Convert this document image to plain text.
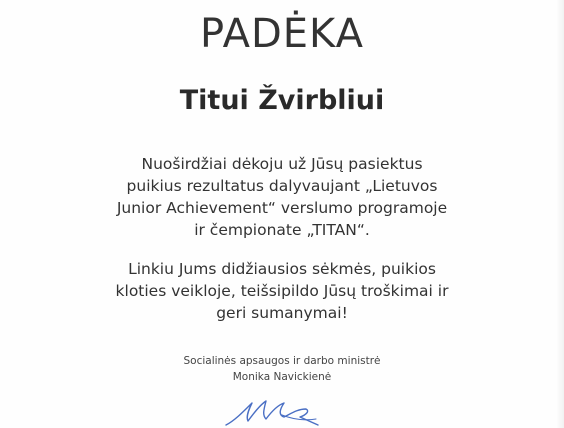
PADĖKA
Titui Žvirbliui
Nuoširdžiai dėkoju už Jūsų pasiektus
puikius rezultatus dalyvaujant „Lietuvos
Junior Achievement“ verslumo programoje
ir čempionate „TITAN“.
Linkiu Jums didžiausios sėkmės, puikios
kloties veikloje, teišsipildo Jūsų troškimai ir
geri sumanymai!
Socialinės apsaugos ir darbo ministrė
Monika Navickienė
